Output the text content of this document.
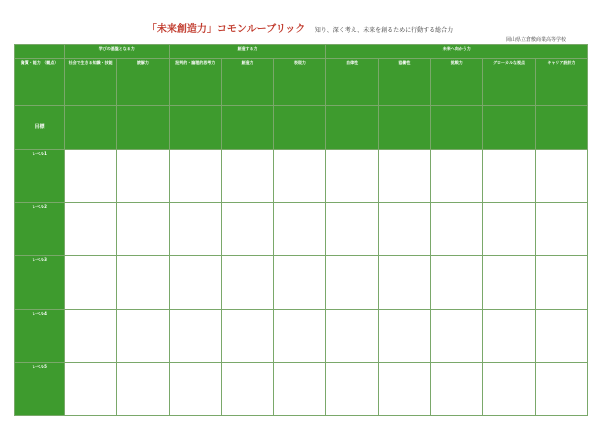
「未来創造力」コモンルーブリック 知り、深く考え、未来を創るために行動する総合力
岡山県立倉敷商業高等学校
	学びの基盤となる力		創造する力			未来へ向かう力				
資質・能力 （観点）	社会で生きる知識・技能	読解力	批判的・論理的思考力	創造力	表現力	自律性	協働性	挑戦力	グローカルな視点	キャリア設計力
目標										
レベル1										
レベル2										
レベル3										
レベル4										
レベル5										
